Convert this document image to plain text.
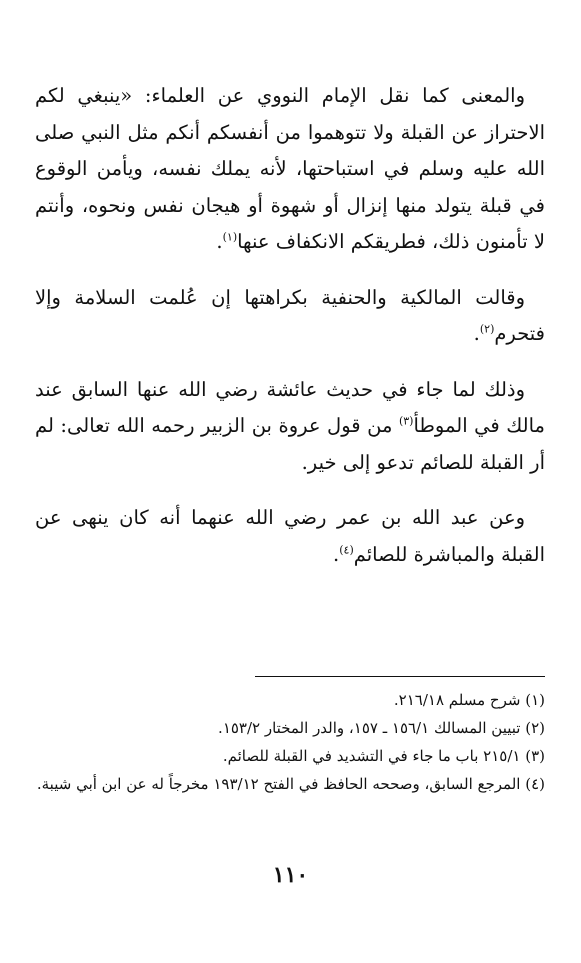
والمعنى كما نقل الإمام النووي عن العلماء: «ينبغي لكم الاحتراز عن القبلة ولا تتوهموا من أنفسكم أنكم مثل النبي صلى الله عليه وسلم في استباحتها، لأنه يملك نفسه، ويأمن الوقوع في قبلة يتولد منها إنزال أو شهوة أو هيجان نفس ونحوه، وأنتم لا تأمنون ذلك، فطريقكم الانكفاف عنها$^{(١)}$.

وقالت المالكية والحنفية بكراهتها إن عُلمت السلامة وإلا فتحرم$^{(٢)}$.

وذلك لما جاء في حديث عائشة رضي الله عنها السابق عند مالك في الموطأ$^{(٣)}$ من قول عروة بن الزبير رحمه الله تعالى: لم أر القبلة للصائم تدعو إلى خير.

وعن عبد الله بن عمر رضي الله عنهما أنه كان ينهى عن القبلة والمباشرة للصائم$^{(٤)}$.

(١) شرح مسلم ٢١٦/١٨.

(٢) تبيين المسالك ١٥٦/١ ـ ١٥٧، والدر المختار ١٥٣/٢.

(٣) ٢١٥/١ باب ما جاء في التشديد في القبلة للصائم.

(٤) المرجع السابق، وصححه الحافظ في الفتح ١٩٣/١٢ مخرجاً له عن ابن أبي شيبة.

١١٠
